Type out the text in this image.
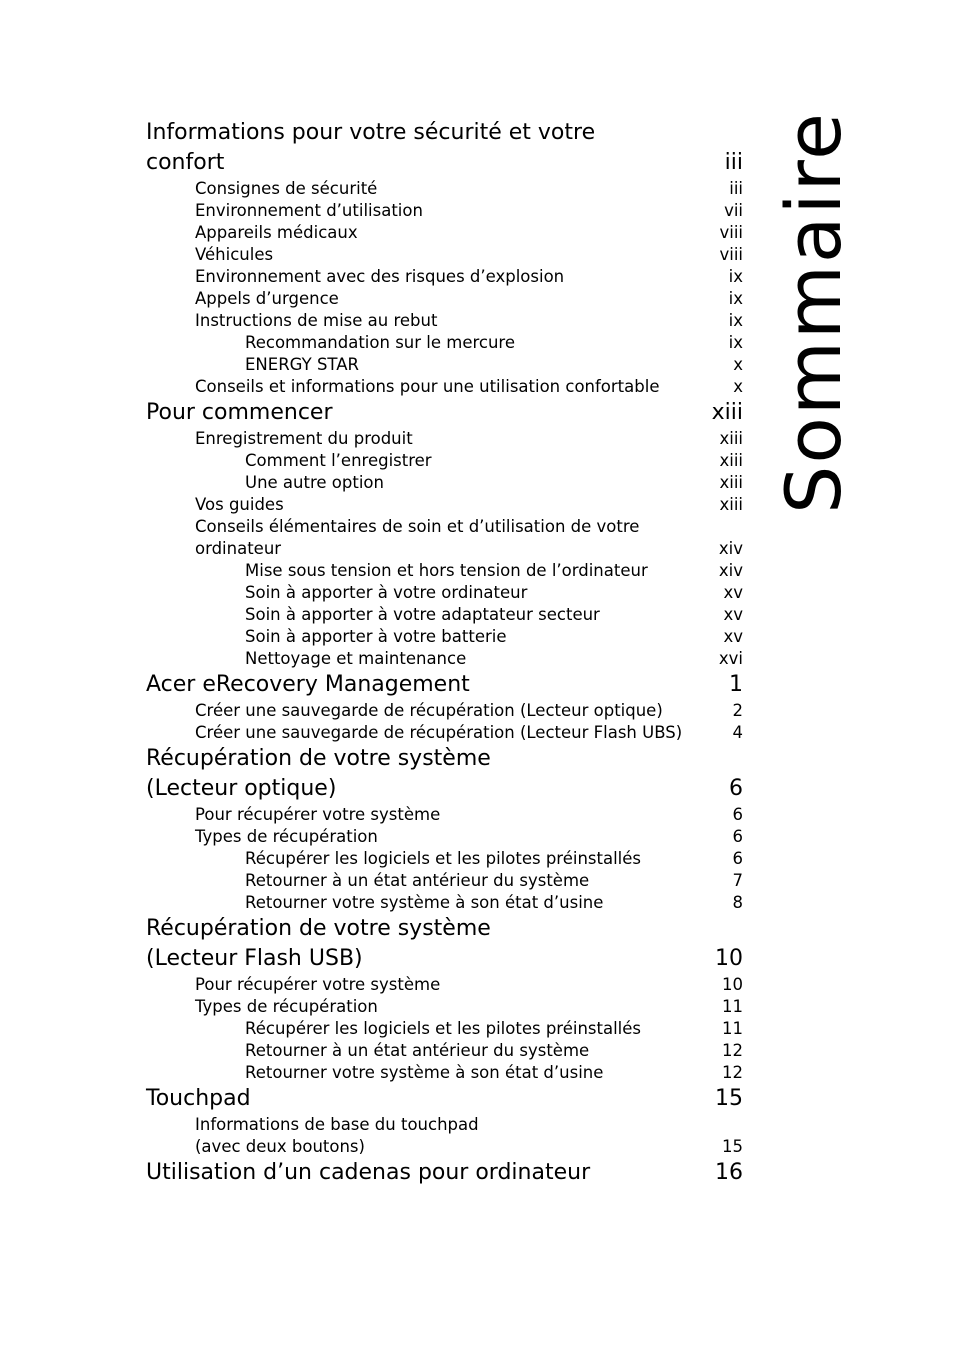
Sommaire
Informations pour votre sécurité et votre confort	iii
Consignes de sécurité	iii
Environnement d’utilisation	vii
Appareils médicaux	viii
Véhicules	viii
Environnement avec des risques d’explosion	ix
Appels d’urgence	ix
Instructions de mise au rebut	ix
Recommandation sur le mercure	ix
ENERGY STAR	x
Conseils et informations pour une utilisation confortable	x
Pour commencer	xiii
Enregistrement du produit	xiii
Comment l’enregistrer	xiii
Une autre option	xiii
Vos guides	xiii
Conseils élémentaires de soin et d’utilisation de votre ordinateur	xiv
Mise sous tension et hors tension de l’ordinateur	xiv
Soin à apporter à votre ordinateur	xv
Soin à apporter à votre adaptateur secteur	xv
Soin à apporter à votre batterie	xv
Nettoyage et maintenance	xvi
Acer eRecovery Management	1
Créer une sauvegarde de récupération (Lecteur optique)	2
Créer une sauvegarde de récupération (Lecteur Flash UBS)	4
Récupération de votre système (Lecteur optique)	6
Pour récupérer votre système	6
Types de récupération	6
Récupérer les logiciels et les pilotes préinstallés	6
Retourner à un état antérieur du système	7
Retourner votre système à son état d’usine	8
Récupération de votre système (Lecteur Flash USB)	10
Pour récupérer votre système	10
Types de récupération	11
Récupérer les logiciels et les pilotes préinstallés	11
Retourner à un état antérieur du système	12
Retourner votre système à son état d’usine	12
Touchpad	15
Informations de base du touchpad (avec deux boutons)	15
Utilisation d’un cadenas pour ordinateur	16
